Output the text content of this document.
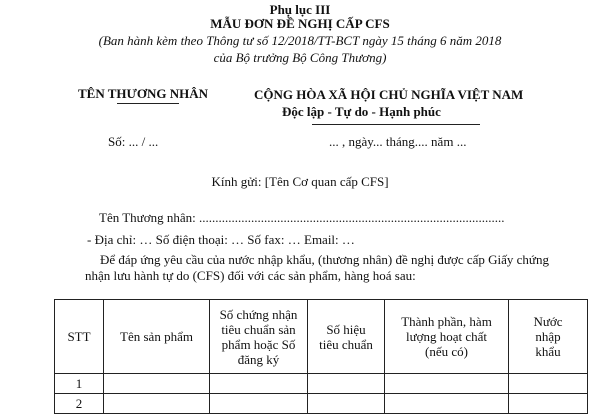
Phụ lục III
MẪU ĐƠN ĐỀ NGHỊ CẤP CFS
(Ban hành kèm theo Thông tư số 12/2018/TT-BCT ngày 15 tháng 6 năm 2018
của Bộ trưởng Bộ Công Thương)
TÊN THƯƠNG NHÂN	CỘNG HÒA XÃ HỘI CHỦ NGHĨA VIỆT NAM
Độc lập - Tự do - Hạnh phúc
Số: ... / ...	... , ngày... tháng.... năm ...
Kính gửi: [Tên Cơ quan cấp CFS]
Tên Thương nhân: ..............................................................................................
- Địa chỉ: … Số điện thoại: … Số fax: … Email: …
Để đáp ứng yêu cầu của nước nhập khẩu, (thương nhân) đề nghị được cấp Giấy chứng
nhận lưu hành tự do (CFS) đối với các sản phẩm, hàng hoá sau:
STT	Tên sản phẩm	Số chứng nhận
tiêu chuẩn sản
phẩm hoặc Số
đăng ký	Số hiệu
tiêu chuẩn	Thành phần, hàm
lượng hoạt chất
(nếu có)	Nước
nhập
khẩu
1					
2					
